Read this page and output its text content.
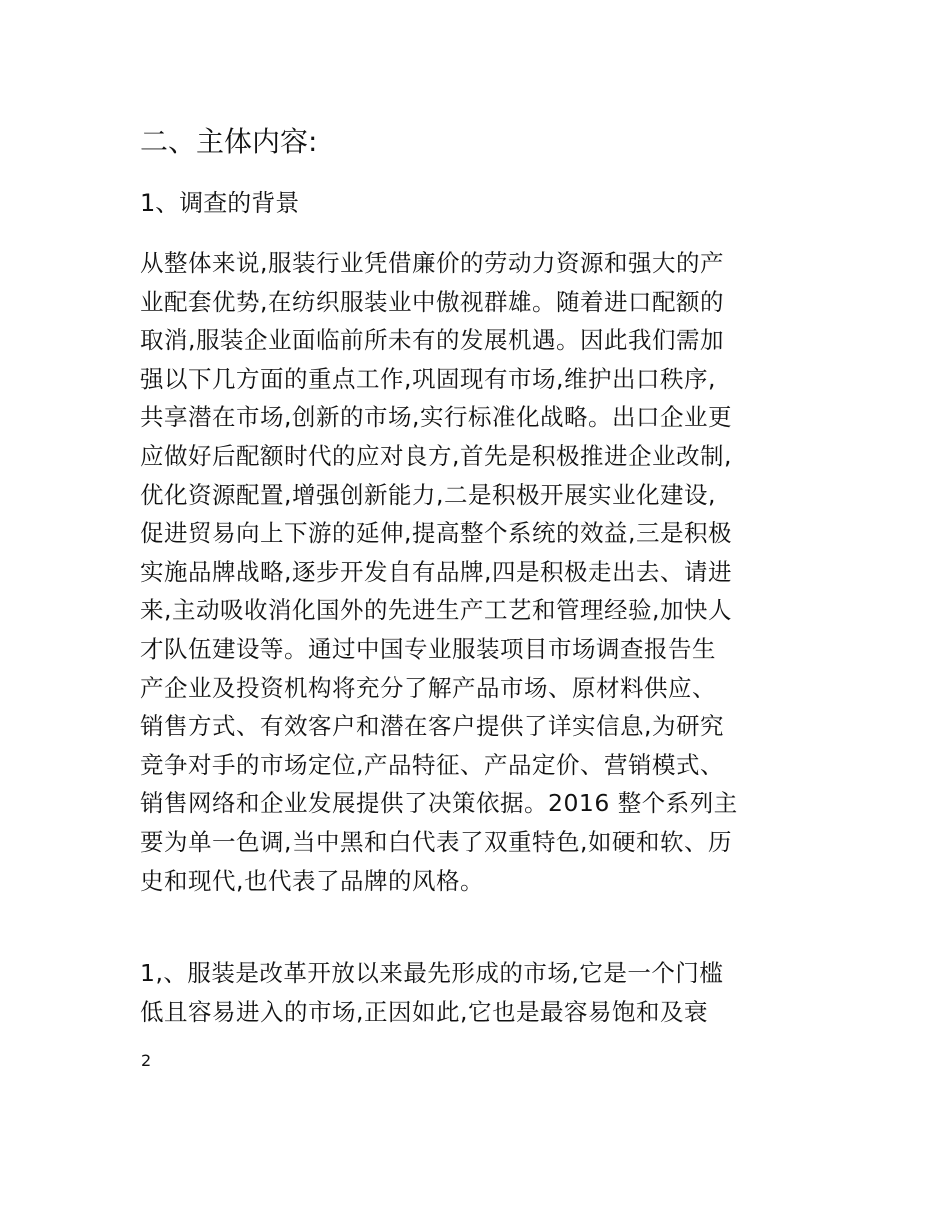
二、主体内容:
1、调查的背景
从整体来说,服装行业凭借廉价的劳动力资源和强大的产
业配套优势,在纺织服装业中傲视群雄。随着进口配额的
取消,服装企业面临前所未有的发展机遇。因此我们需加
强以下几方面的重点工作,巩固现有市场,维护出口秩序,
共享潜在市场,创新的市场,实行标准化战略。出口企业更
应做好后配额时代的应对良方,首先是积极推进企业改制,
优化资源配置,增强创新能力,二是积极开展实业化建设,
促进贸易向上下游的延伸,提高整个系统的效益,三是积极
实施品牌战略,逐步开发自有品牌,四是积极走出去、请进
来,主动吸收消化国外的先进生产工艺和管理经验,加快人
才队伍建设等。通过中国专业服装项目市场调查报告生
产企业及投资机构将充分了解产品市场、原材料供应、
销售方式、有效客户和潜在客户提供了详实信息,为研究
竞争对手的市场定位,产品特征、产品定价、营销模式、
销售网络和企业发展提供了决策依据。2016 整个系列主
要为单一色调,当中黑和白代表了双重特色,如硬和软、历
史和现代,也代表了品牌的风格。
1,、服装是改革开放以来最先形成的市场,它是一个门槛
低且容易进入的市场,正因如此,它也是最容易饱和及衰
2
